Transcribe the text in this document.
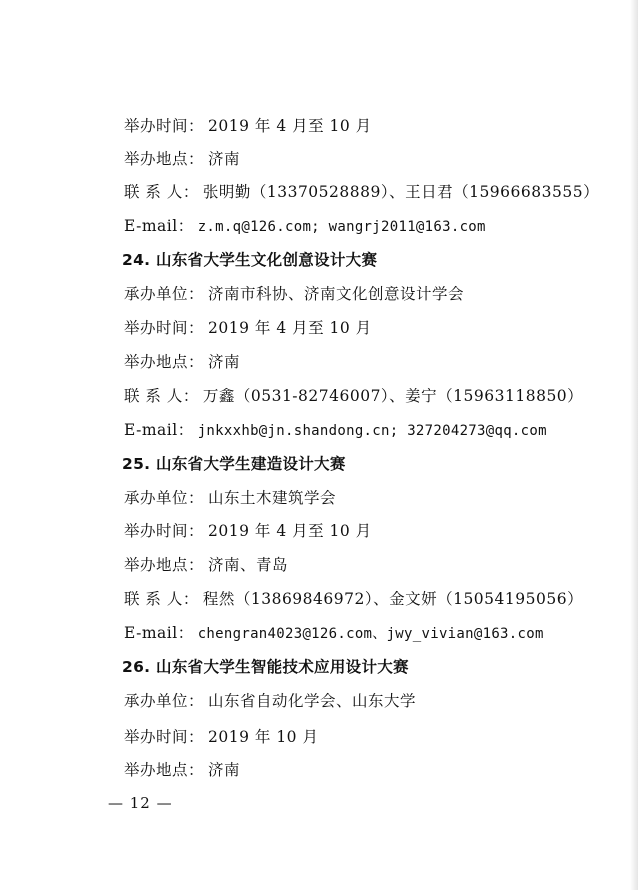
举办时间： 2019 年 4 月至 10 月
举办地点： 济南
联 系 人： 张明勤（13370528889）、王日君（15966683555）
E-mail： z.m.q@126.com; wangrj2011@163.com
24. 山东省大学生文化创意设计大赛
承办单位： 济南市科协、济南文化创意设计学会
举办时间： 2019 年 4 月至 10 月
举办地点： 济南
联 系 人： 万鑫（0531-82746007）、姜宁（15963118850）
E-mail： jnkxxhb@jn.shandong.cn; 327204273@qq.com
25. 山东省大学生建造设计大赛
承办单位： 山东土木建筑学会
举办时间： 2019 年 4 月至 10 月
举办地点： 济南、青岛
联 系 人： 程然（13869846972）、金文妍（15054195056）
E-mail： chengran4023@126.com、jwy_vivian@163.com
26. 山东省大学生智能技术应用设计大赛
承办单位： 山东省自动化学会、山东大学
举办时间： 2019 年 10 月
举办地点： 济南
— 12 —
